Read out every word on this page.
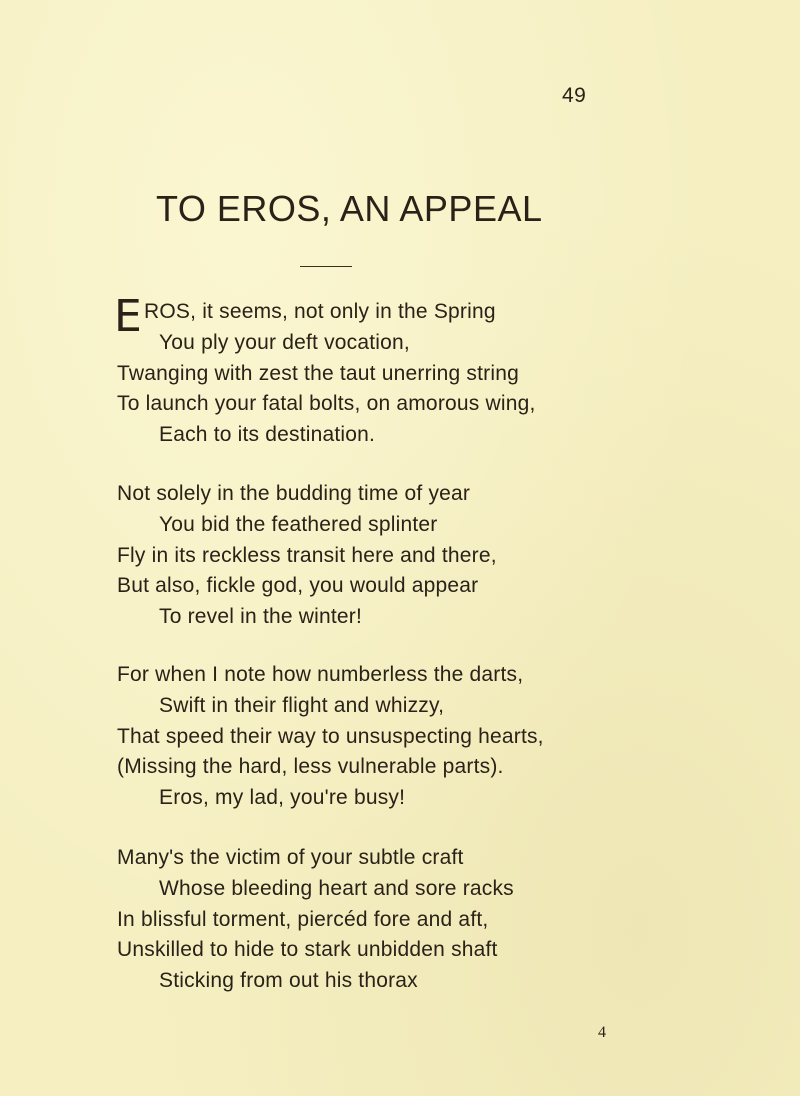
49
TO EROS, AN APPEAL
EROS, it seems, not only in the Spring
You ply your deft vocation,
Twanging with zest the taut unerring string
To launch your fatal bolts, on amorous wing,
Each to its destination.
Not solely in the budding time of year
You bid the feathered splinter
Fly in its reckless transit here and there,
But also, fickle god, you would appear
To revel in the winter!
For when I note how numberless the darts,
Swift in their flight and whizzy,
That speed their way to unsuspecting hearts,
(Missing the hard, less vulnerable parts).
Eros, my lad, you're busy!
Many's the victim of your subtle craft
Whose bleeding heart and sore racks
In blissful torment, piercéd fore and aft,
Unskilled to hide to stark unbidden shaft
Sticking from out his thorax
4
